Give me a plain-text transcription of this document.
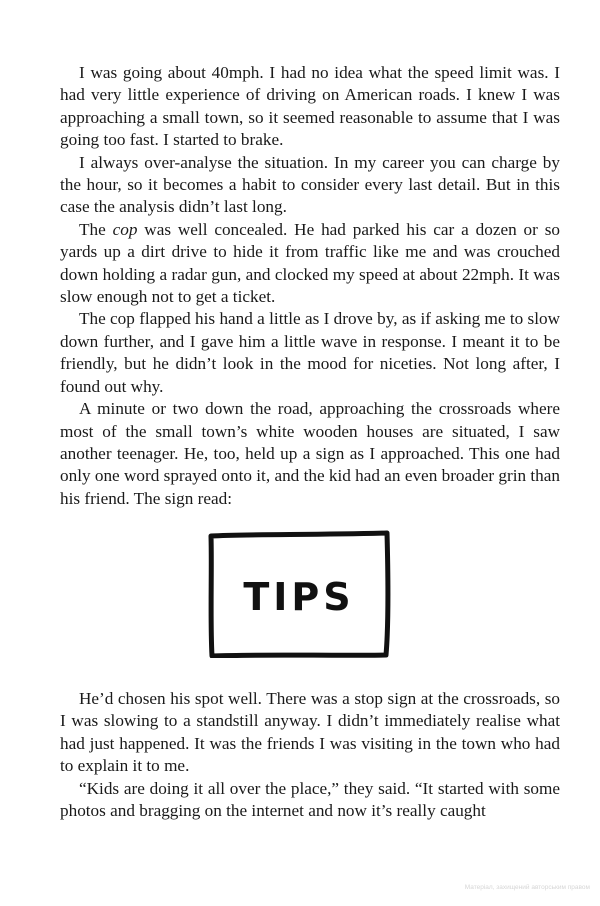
I was going about 40mph. I had no idea what the speed limit was. I had very little experience of driving on American roads. I knew I was approaching a small town, so it seemed reasonable to assume that I was going too fast. I started to brake.

I always over-analyse the situation. In my career you can charge by the hour, so it becomes a habit to consider every last detail. But in this case the analysis didn’t last long.

The cop was well concealed. He had parked his car a dozen or so yards up a dirt drive to hide it from traffic like me and was crouched down holding a radar gun, and clocked my speed at about 22mph. It was slow enough not to get a ticket.

The cop flapped his hand a little as I drove by, as if asking me to slow down further, and I gave him a little wave in response. I meant it to be friendly, but he didn’t look in the mood for niceties. Not long after, I found out why.

A minute or two down the road, approaching the crossroads where most of the small town’s white wooden houses are situated, I saw another teenager. He, too, held up a sign as I approached. This one had only one word sprayed onto it, and the kid had an even broader grin than his friend. The sign read:

TIPS

He’d chosen his spot well. There was a stop sign at the crossroads, so I was slowing to a standstill anyway. I didn’t immediately realise what had just happened. It was the friends I was visiting in the town who had to explain it to me.

“Kids are doing it all over the place,” they said. “It started with some photos and bragging on the internet and now it’s really caught

Матеріал, захищений авторським правом
